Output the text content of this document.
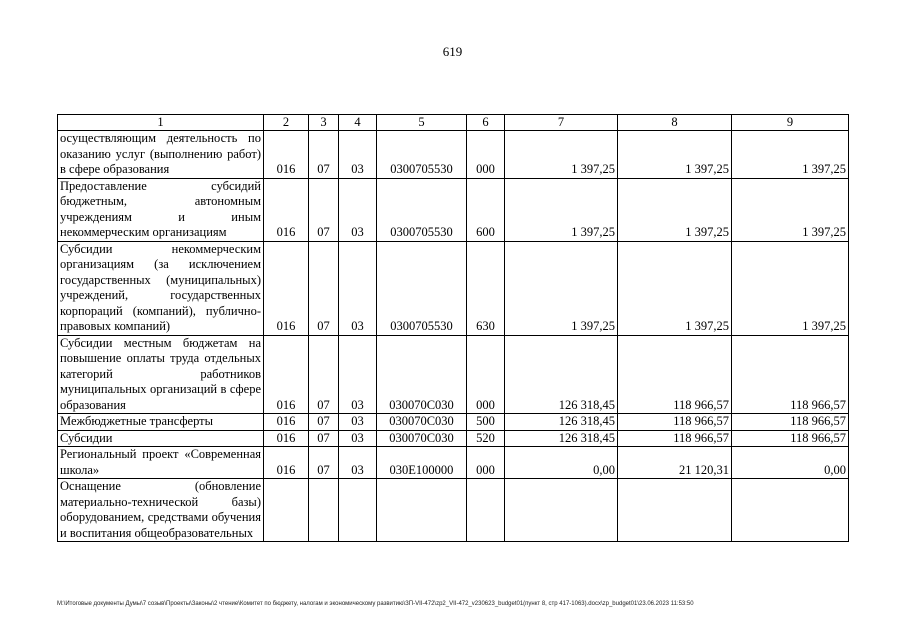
619
1	2	3	4	5	6	7	8	9
осуществляющим деятельность по оказанию услуг (выполнению работ) в сфере образования	016	07	03	0300705530	000	1 397,25	1 397,25	1 397,25
Предоставление субсидий бюджетным, автономным учреждениям и иным некоммерческим организациям	016	07	03	0300705530	600	1 397,25	1 397,25	1 397,25
Субсидии некоммерческим организациям (за исключением государственных (муниципальных) учреждений, государственных корпораций (компаний), публично-правовых компаний)	016	07	03	0300705530	630	1 397,25	1 397,25	1 397,25
Субсидии местным бюджетам на повышение оплаты труда отдельных категорий работников муниципальных организаций в сфере образования	016	07	03	030070C030	000	126 318,45	118 966,57	118 966,57
Межбюджетные трансферты	016	07	03	030070C030	500	126 318,45	118 966,57	118 966,57
Субсидии	016	07	03	030070C030	520	126 318,45	118 966,57	118 966,57
Региональный проект «Современная школа»	016	07	03	030E100000	000	0,00	21 120,31	0,00
Оснащение (обновление материально-технической базы) оборудованием, средствами обучения и воспитания общеобразовательных								
M:\Итоговые документы Думы\7 созыв\Проекты\Законы\2 чтение\Комитет по бюджету, налогам и экономическому развитию\ЗП-VII-472\zp2_VII-472_v230623_budget01(пункт 8, стр 417-1063).docx\zp_budget01\23.06.2023 11:53:50
